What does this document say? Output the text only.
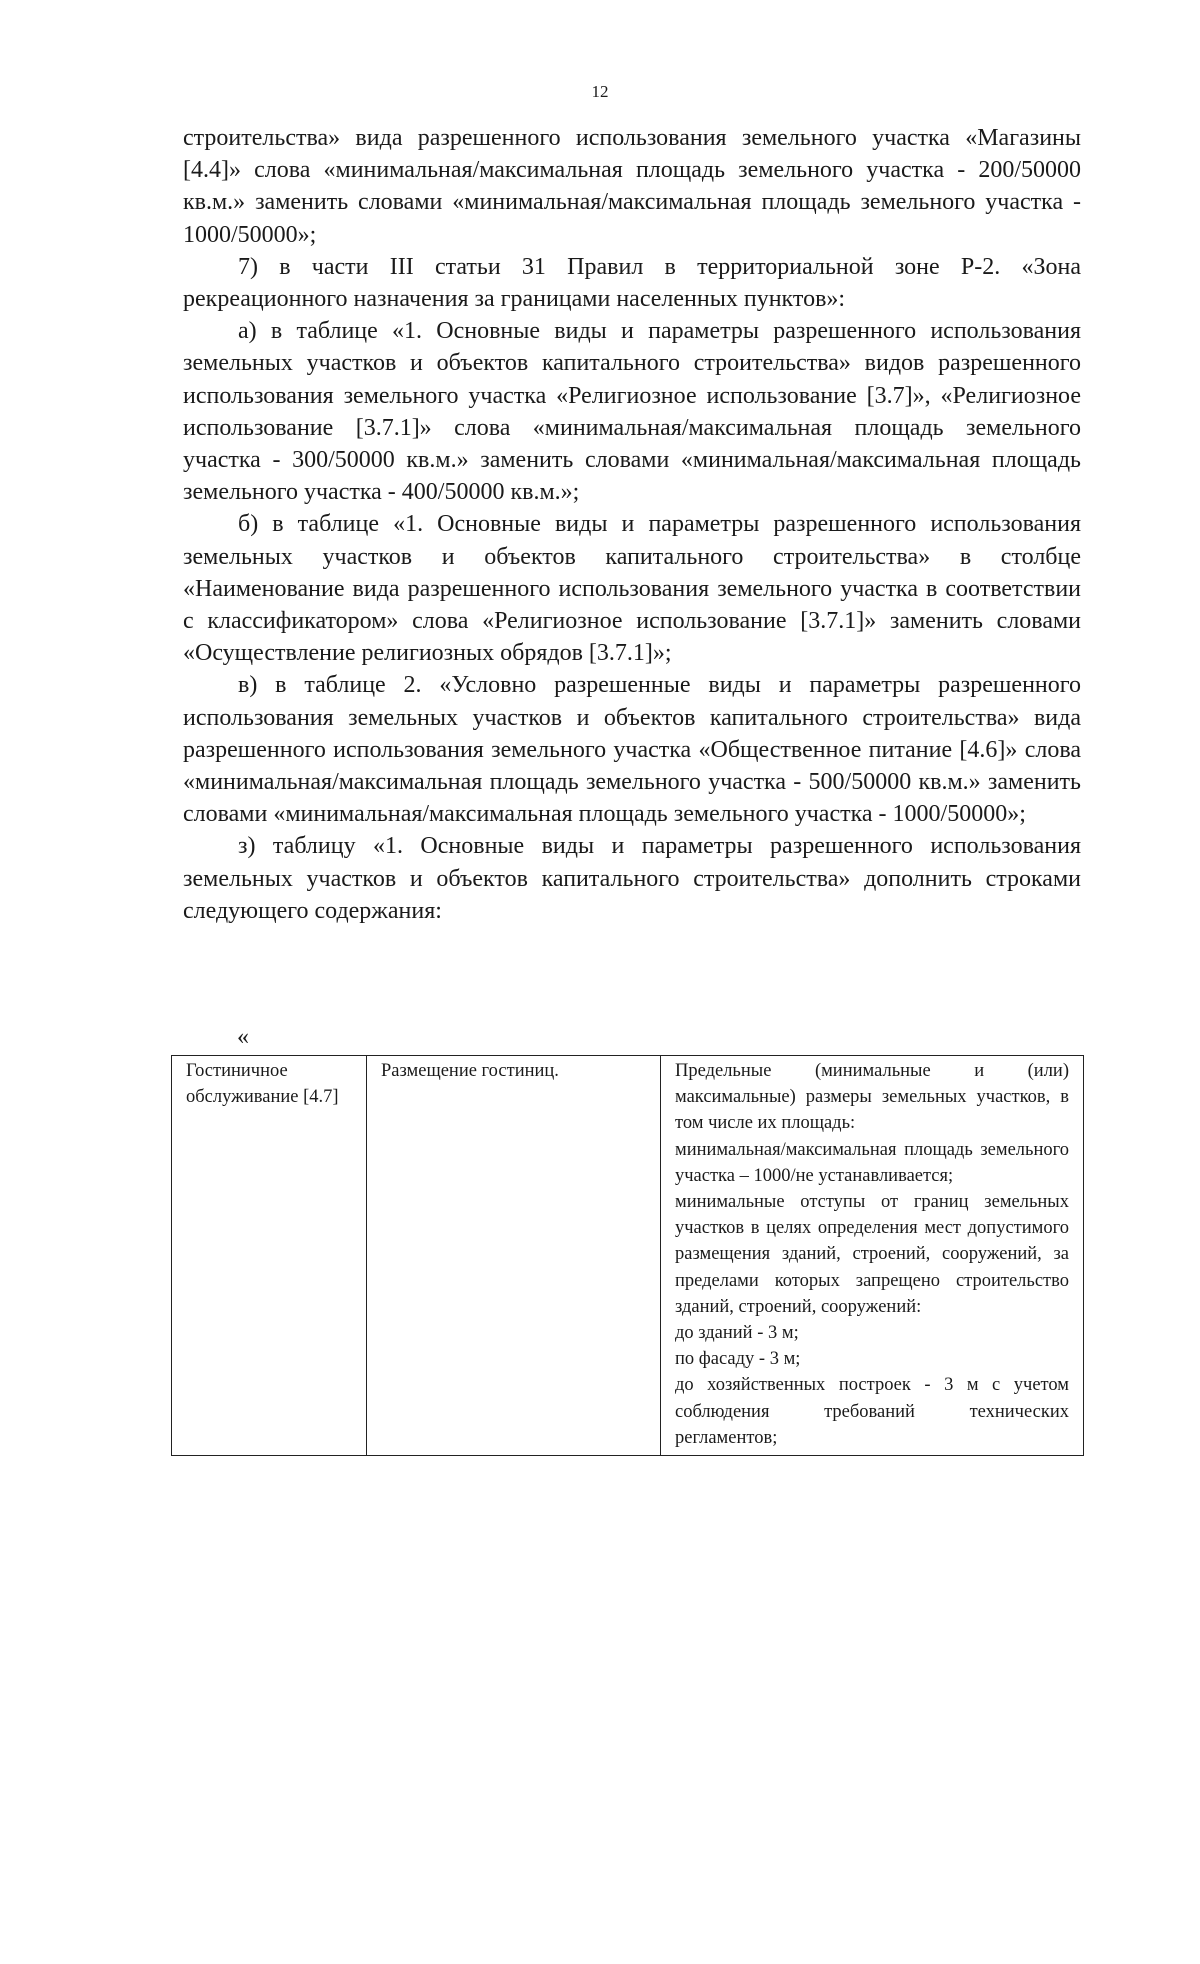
12

строительства» вида разрешенного использования земельного участка «Магазины [4.4]» слова «минимальная/максимальная площадь земельного участка - 200/50000 кв.м.» заменить словами «минимальная/максимальная площадь земельного участка - 1000/50000»;

7) в части III статьи 31 Правил в территориальной зоне Р-2. «Зона рекреационного назначения за границами населенных пунктов»:

а) в таблице «1. Основные виды и параметры разрешенного использования земельных участков и объектов капитального строительства» видов разрешенного использования земельного участка «Религиозное использование [3.7]», «Религиозное использование [3.7.1]» слова «минимальная/максимальная площадь земельного участка - 300/50000 кв.м.» заменить словами «минимальная/максимальная площадь земельного участка - 400/50000 кв.м.»;

б) в таблице «1. Основные виды и параметры разрешенного использования земельных участков и объектов капитального строительства» в столбце «Наименование вида разрешенного использования земельного участка в соответствии с классификатором» слова «Религиозное использование [3.7.1]» заменить словами «Осуществление религиозных обрядов [3.7.1]»;

в) в таблице 2. «Условно разрешенные виды и параметры разрешенного использования земельных участков и объектов капитального строительства» вида разрешенного использования земельного участка «Общественное питание [4.6]» слова «минимальная/максимальная площадь земельного участка - 500/50000 кв.м.» заменить словами «минимальная/максимальная площадь земельного участка - 1000/50000»;

з) таблицу «1. Основные виды и параметры разрешенного использования земельных участков и объектов капитального строительства» дополнить строками следующего содержания:

«
Гостиничное обслуживание [4.7]	Размещение гостиниц.	Предельные (минимальные и (или) максимальные) размеры земельных участков, в том числе их площадь:
минимальная/максимальная площадь земельного участка – 1000/не устанавливается;
минимальные отступы от границ земельных участков в целях определения мест допустимого размещения зданий, строений, сооружений, за пределами которых запрещено строительство зданий, строений, сооружений:
до зданий - 3 м;
по фасаду - 3 м;
до хозяйственных построек - 3 м с учетом соблюдения требований технических регламентов;
